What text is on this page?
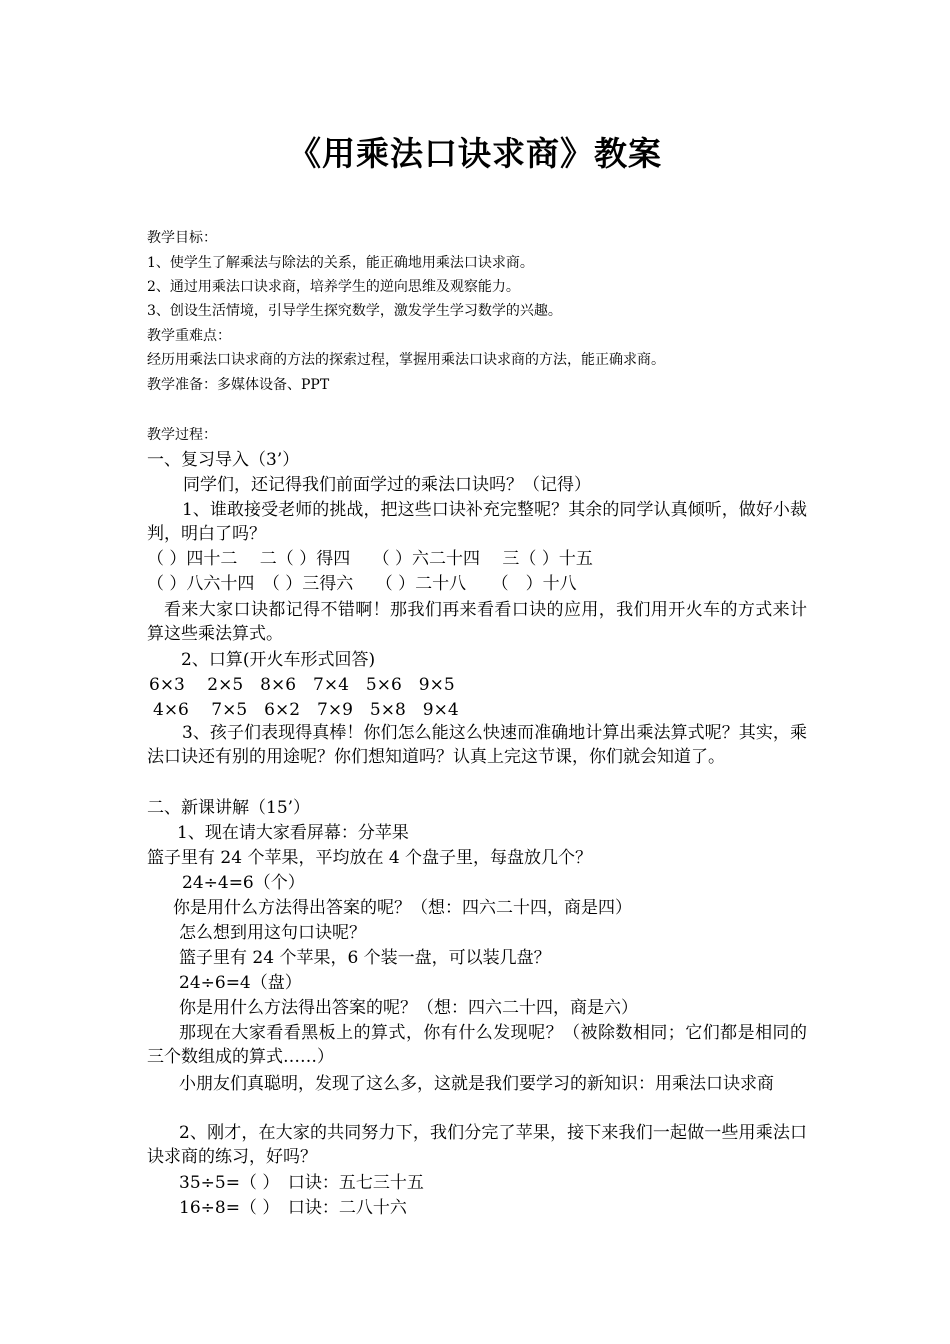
《用乘法口诀求商》教案
教学目标：
1、使学生了解乘法与除法的关系，能正确地用乘法口诀求商。
2、通过用乘法口诀求商，培养学生的逆向思维及观察能力。
3、创设生活情境，引导学生探究数学，激发学生学习数学的兴趣。
教学重难点：
经历用乘法口诀求商的方法的探索过程，掌握用乘法口诀求商的方法，能正确求商。
教学准备：多媒体设备、PPT
教学过程：
一、复习导入（3’）
同学们，还记得我们前面学过的乘法口诀吗？（记得）
1、谁敢接受老师的挑战，把这些口诀补充完整呢？其余的同学认真倾听，做好小裁判，明白了吗？
（ ）四十二　 二（ ）得四　 （ ）六二十四　 三（ ）十五
（ ）八六十四　（ ）三得六　 （ ）二十八　　（　）十八
看来大家口诀都记得不错啊！那我们再来看看口诀的应用，我们用开火车的方式来计算这些乘法算式。
2、口算(开火车形式回答)
6×3　 2×5　8×6　7×4　5×6　9×5
4×6　 7×5　6×2　7×9　5×8　9×4
3、孩子们表现得真棒！你们怎么能这么快速而准确地计算出乘法算式呢？其实，乘法口诀还有别的用途呢？你们想知道吗？认真上完这节课，你们就会知道了。
二、新课讲解（15’）
1、现在请大家看屏幕：分苹果
篮子里有 24 个苹果，平均放在 4 个盘子里，每盘放几个？
24÷4=6（个）
你是用什么方法得出答案的呢？（想：四六二十四，商是四）
怎么想到用这句口诀呢？
篮子里有 24 个苹果，6 个装一盘，可以装几盘？
24÷6=4（盘）
你是用什么方法得出答案的呢？（想：四六二十四，商是六）
那现在大家看看黑板上的算式，你有什么发现呢？（被除数相同；它们都是相同的三个数组成的算式……）
小朋友们真聪明，发现了这么多，这就是我们要学习的新知识：用乘法口诀求商
2、刚才，在大家的共同努力下，我们分完了苹果，接下来我们一起做一些用乘法口诀求商的练习，好吗？
35÷5=（ ）　口诀：五七三十五
16÷8=（ ）　口诀：二八十六
